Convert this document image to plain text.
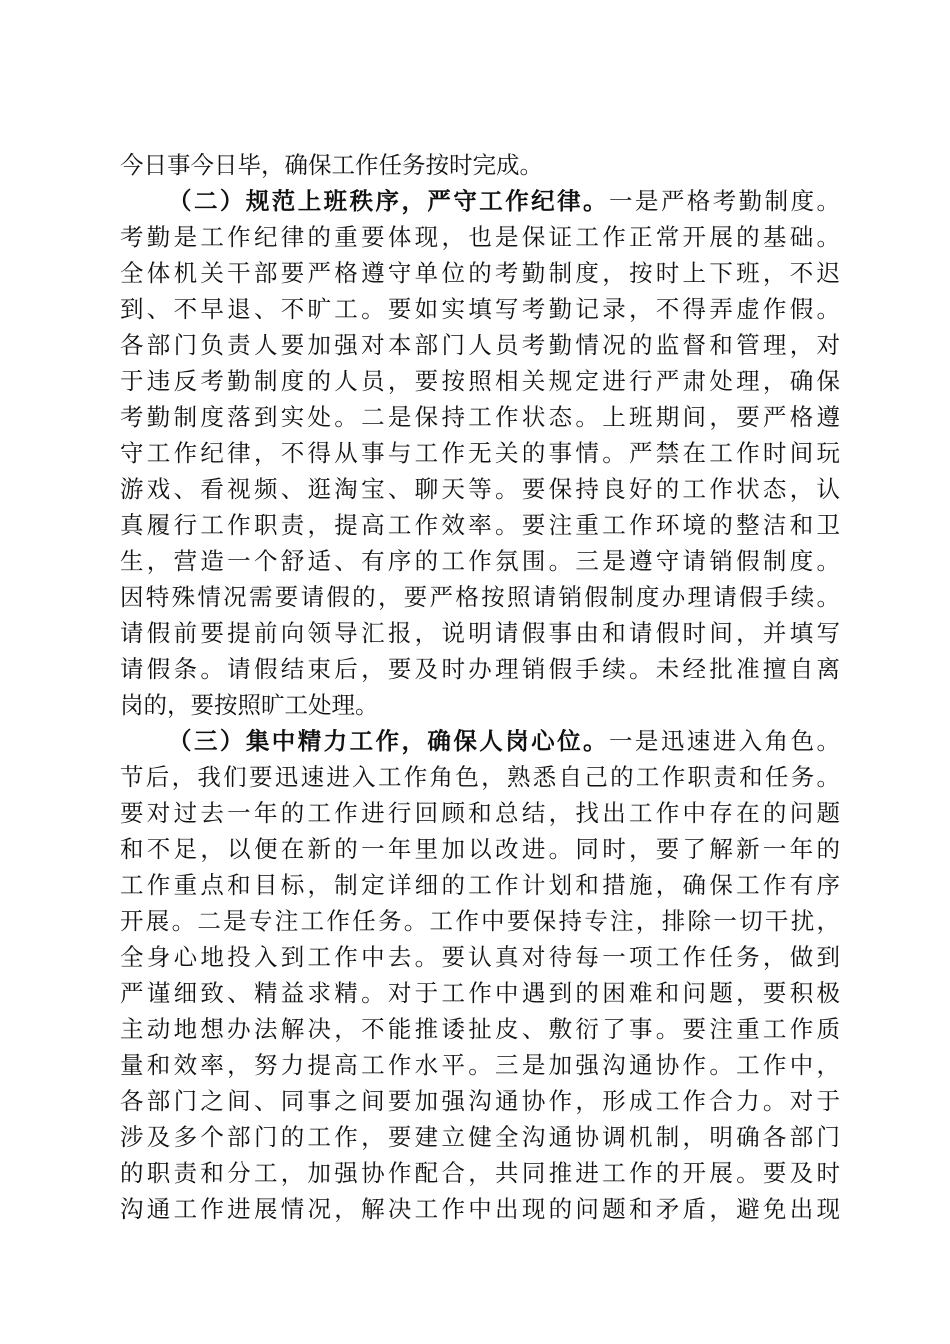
今日事今日毕，确保工作任务按时完成。
（二）规范上班秩序，严守工作纪律。一是严格考勤制度。
考勤是工作纪律的重要体现，也是保证工作正常开展的基础。
全体机关干部要严格遵守单位的考勤制度，按时上下班，不迟
到、不早退、不旷工。要如实填写考勤记录，不得弄虚作假。
各部门负责人要加强对本部门人员考勤情况的监督和管理，对
于违反考勤制度的人员，要按照相关规定进行严肃处理，确保
考勤制度落到实处。二是保持工作状态。上班期间，要严格遵
守工作纪律，不得从事与工作无关的事情。严禁在工作时间玩
游戏、看视频、逛淘宝、聊天等。要保持良好的工作状态，认
真履行工作职责，提高工作效率。要注重工作环境的整洁和卫
生，营造一个舒适、有序的工作氛围。三是遵守请销假制度。
因特殊情况需要请假的，要严格按照请销假制度办理请假手续。
请假前要提前向领导汇报，说明请假事由和请假时间，并填写
请假条。请假结束后，要及时办理销假手续。未经批准擅自离
岗的，要按照旷工处理。
（三）集中精力工作，确保人岗心位。一是迅速进入角色。
节后，我们要迅速进入工作角色，熟悉自己的工作职责和任务。
要对过去一年的工作进行回顾和总结，找出工作中存在的问题
和不足，以便在新的一年里加以改进。同时，要了解新一年的
工作重点和目标，制定详细的工作计划和措施，确保工作有序
开展。二是专注工作任务。工作中要保持专注，排除一切干扰，
全身心地投入到工作中去。要认真对待每一项工作任务，做到
严谨细致、精益求精。对于工作中遇到的困难和问题，要积极
主动地想办法解决，不能推诿扯皮、敷衍了事。要注重工作质
量和效率，努力提高工作水平。三是加强沟通协作。工作中，
各部门之间、同事之间要加强沟通协作，形成工作合力。对于
涉及多个部门的工作，要建立健全沟通协调机制，明确各部门
的职责和分工，加强协作配合，共同推进工作的开展。要及时
沟通工作进展情况，解决工作中出现的问题和矛盾，避免出现
